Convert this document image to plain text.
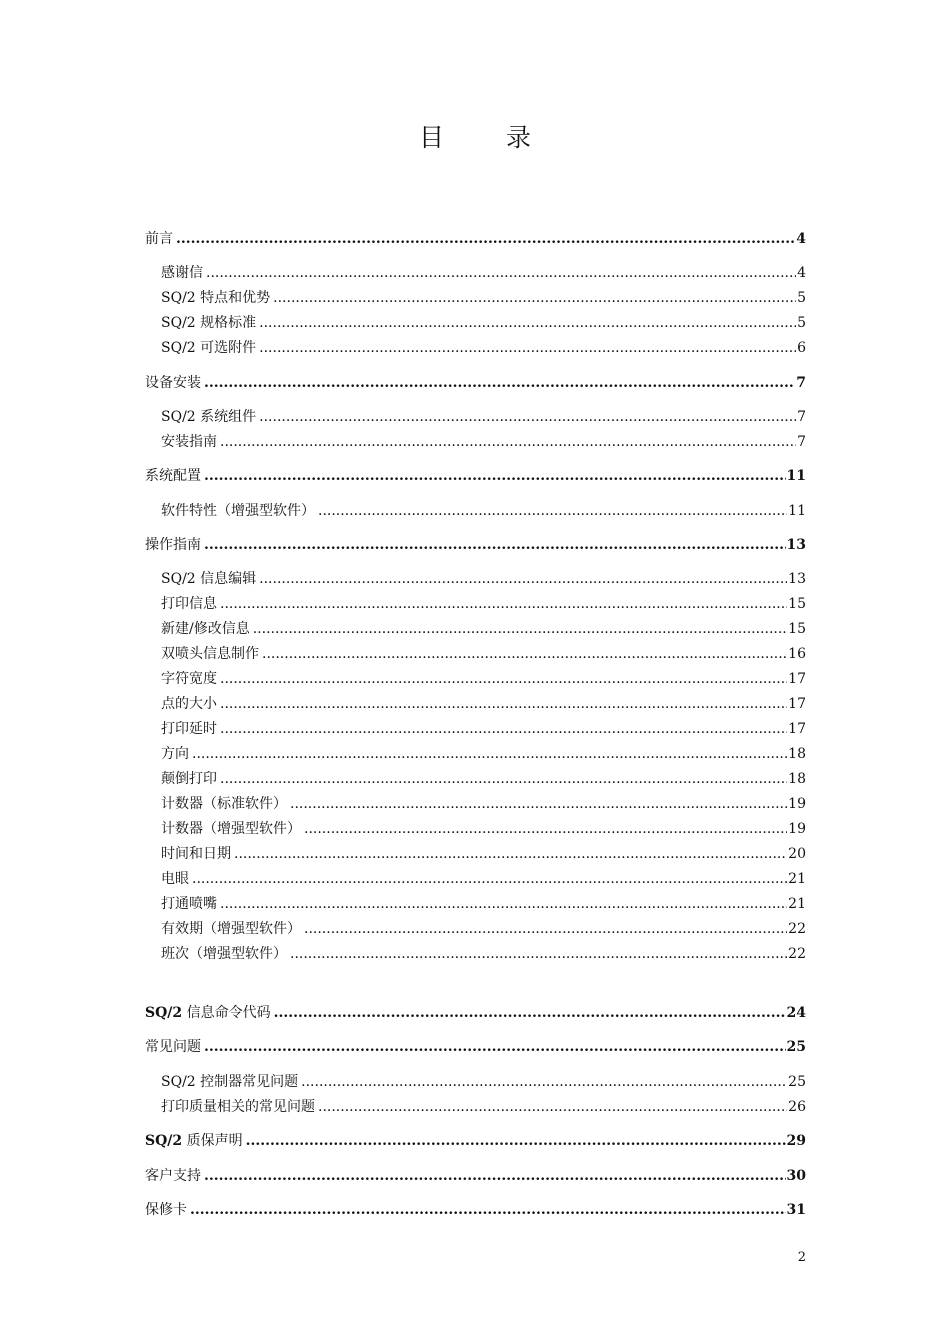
目 录
前言 .....	4
感谢信 .....	4
SQ/2 特点和优势 .....	5
SQ/2 规格标准 .....	5
SQ/2 可选附件 .....	6
设备安装 .....	7
SQ/2 系统组件 .....	7
安装指南 .....	7
系统配置 .....	11
软件特性（增强型软件） .....	11
操作指南 .....	13
SQ/2 信息编辑 .....	13
打印信息 .....	15
新建/修改信息 .....	15
双喷头信息制作 .....	16
字符宽度 .....	17
点的大小 .....	17
打印延时 .....	17
方向 .....	18
颠倒打印 .....	18
计数器（标准软件） .....	19
计数器（增强型软件） .....	19
时间和日期 .....	20
电眼 .....	21
打通喷嘴 .....	21
有效期（增强型软件） .....	22
班次（增强型软件） .....	22
SQ/2 信息命令代码 .....	24
常见问题 .....	25
SQ/2 控制器常见问题 .....	25
打印质量相关的常见问题 .....	26
SQ/2 质保声明 .....	29
客户支持 .....	30
保修卡 .....	31
2
